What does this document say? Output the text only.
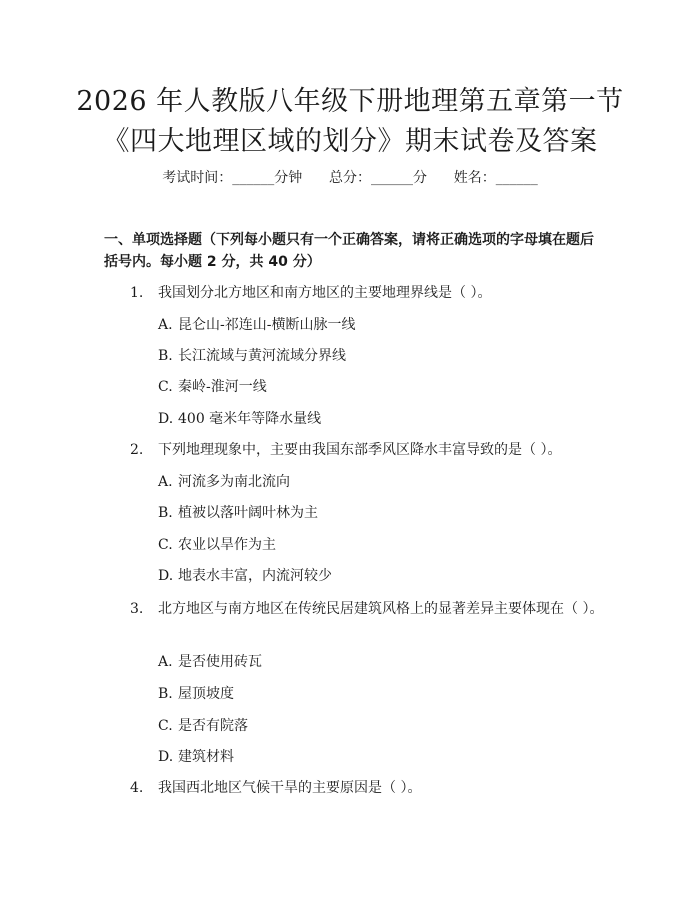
2026 年人教版八年级下册地理第五章第一节
《四大地理区域的划分》期末试卷及答案
考试时间：______分钟      总分：______分      姓名：______
一、单项选择题（下列每小题只有一个正确答案，请将正确选项的字母填在题后括号内。每小题 2 分，共 40 分）
1. 我国划分北方地区和南方地区的主要地理界线是（ ）。
A. 昆仑山-祁连山-横断山脉一线
B. 长江流域与黄河流域分界线
C. 秦岭-淮河一线
D. 400 毫米年等降水量线
2. 下列地理现象中，主要由我国东部季风区降水丰富导致的是（ ）。
A. 河流多为南北流向
B. 植被以落叶阔叶林为主
C. 农业以旱作为主
D. 地表水丰富，内流河较少
3. 北方地区与南方地区在传统民居建筑风格上的显著差异主要体现在（ ）。
A. 是否使用砖瓦
B. 屋顶坡度
C. 是否有院落
D. 建筑材料
4. 我国西北地区气候干旱的主要原因是（ ）。
